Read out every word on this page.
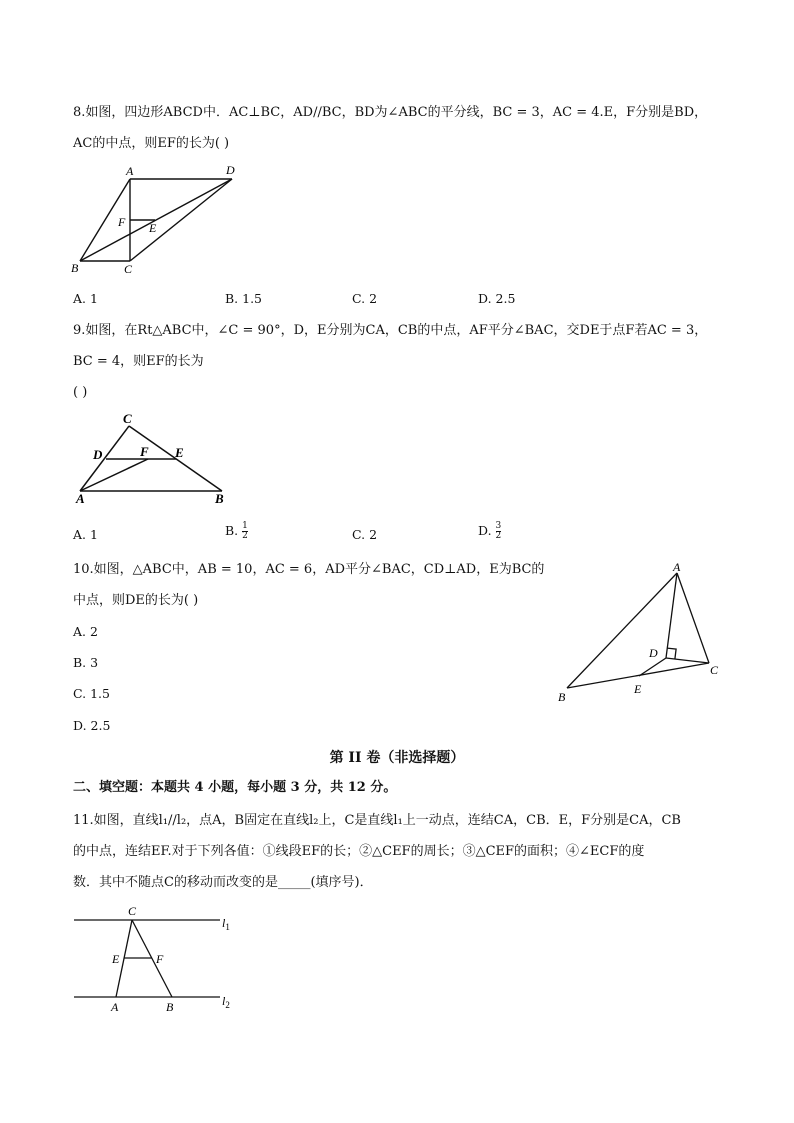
8.如图，四边形ABCD中．AC⊥BC，AD//BC，BD为∠ABC的平分线，BC = 3，AC = 4.E，F分别是BD，
AC的中点，则EF的长为( )
A	D
F E
B	C
A. 1	B. 1.5	C. 2	D. 2.5
9.如图，在Rt△ABC中，∠C = 90°，D，E分别为CA，CB的中点，AF平分∠BAC，交DE于点F若AC = 3，
BC = 4，则EF的长为
( )
C
D	F E
A	B
A. 1	B. $\frac{1}{2}$	C. 2	D. $\frac{3}{2}$
10.如图，△ABC中，AB = 10，AC = 6，AD平分∠BAC，CD⊥AD，E为BC的
中点，则DE的长为( )
A. 2
B. 3
C. 1.5
D. 2.5
A
D
C
E
B
第 II 卷（非选择题）
二、填空题：本题共 4 小题，每小题 3 分，共 12 分。
11.如图，直线l₁//l₂，点A，B固定在直线l₂上，C是直线l₁上一动点，连结CA，CB．E，F分别是CA，CB
的中点，连结EF.对于下列各值：①线段EF的长；②△CEF的周长；③△CEF的面积；④∠ECF的度
数．其中不随点C的移动而改变的是_____(填序号)．
C
$l_1$
E	F
A	B	$l_2$
